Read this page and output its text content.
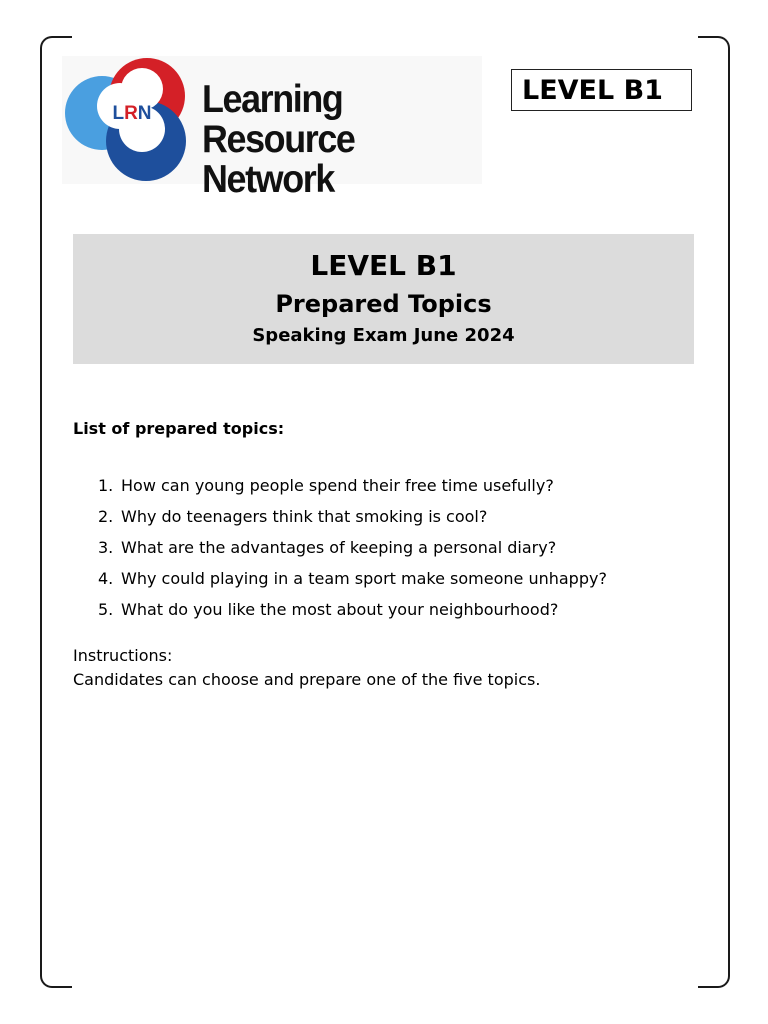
LRN Learning
Resource Network
LEVEL B1
LEVEL B1
Prepared Topics
Speaking Exam June 2024
List of prepared topics:
1. How can young people spend their free time usefully?
2. Why do teenagers think that smoking is cool?
3. What are the advantages of keeping a personal diary?
4. Why could playing in a team sport make someone unhappy?
5. What do you like the most about your neighbourhood?
Instructions:
Candidates can choose and prepare one of the five topics.
